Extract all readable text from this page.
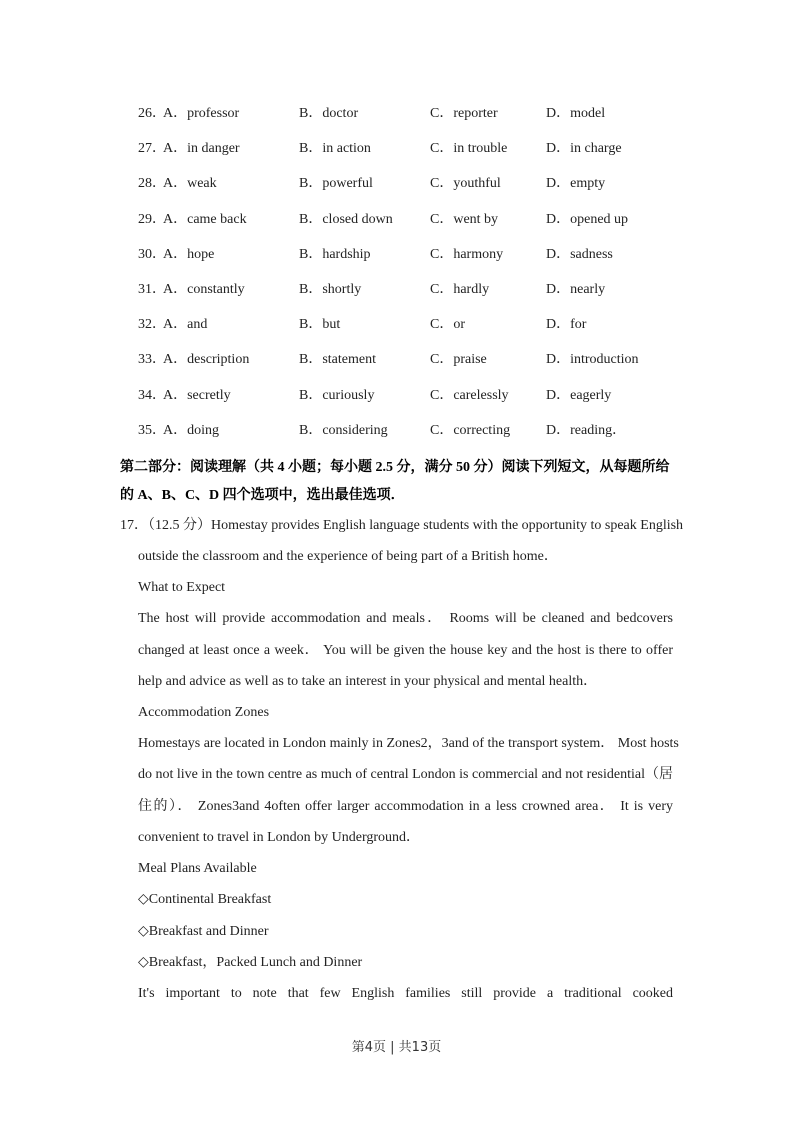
26．
A．professor	B．doctor	C．reporter	D．model
27．
A．in danger	B．in action	C．in trouble	D．in charge
28．
A．weak	B．powerful	C．youthful	D．empty
29．
A．came back	B．closed down	C．went by	D．opened up
30．
A．hope	B．hardship	C．harmony	D．sadness
31．
A．constantly	B．shortly	C．hardly	D．nearly
32．
A．and	B．but	C．or	D．for
33．
A．description	B．statement	C．praise	D．introduction
34．
A．secretly	B．curiously	C．carelessly	D．eagerly
35．
A．doing	B．considering	C．correcting	D．reading．
第二部分：阅读理解（共 4 小题；每小题 2.5 分，满分 50 分）阅读下列短文，从每题所给
的 A、B、C、D 四个选项中，选出最佳选项．
17．（12.5 分）Homestay provides English language students with the opportunity to speak English
outside the classroom and the experience of being part of a British home．
What to Expect
The host will provide accommodation and meals． Rooms will be cleaned and bedcovers
changed at least once a week． You will be given the house key and the host is there to offer
help and advice as well as to take an interest in your physical and mental health．
Accommodation Zones
Homestays are located in London mainly in Zones2，3and of the transport system． Most hosts
do not live in the town centre as much of central London is commercial and not residential（居
住的）． Zones3and 4often offer larger accommodation in a less crowned area． It is very
convenient to travel in London by Underground．
Meal Plans Available
◇Continental Breakfast
◇Breakfast and Dinner
◇Breakfast，Packed Lunch and Dinner
It's important to note that few English families still provide a traditional cooked
第4页 | 共13页
